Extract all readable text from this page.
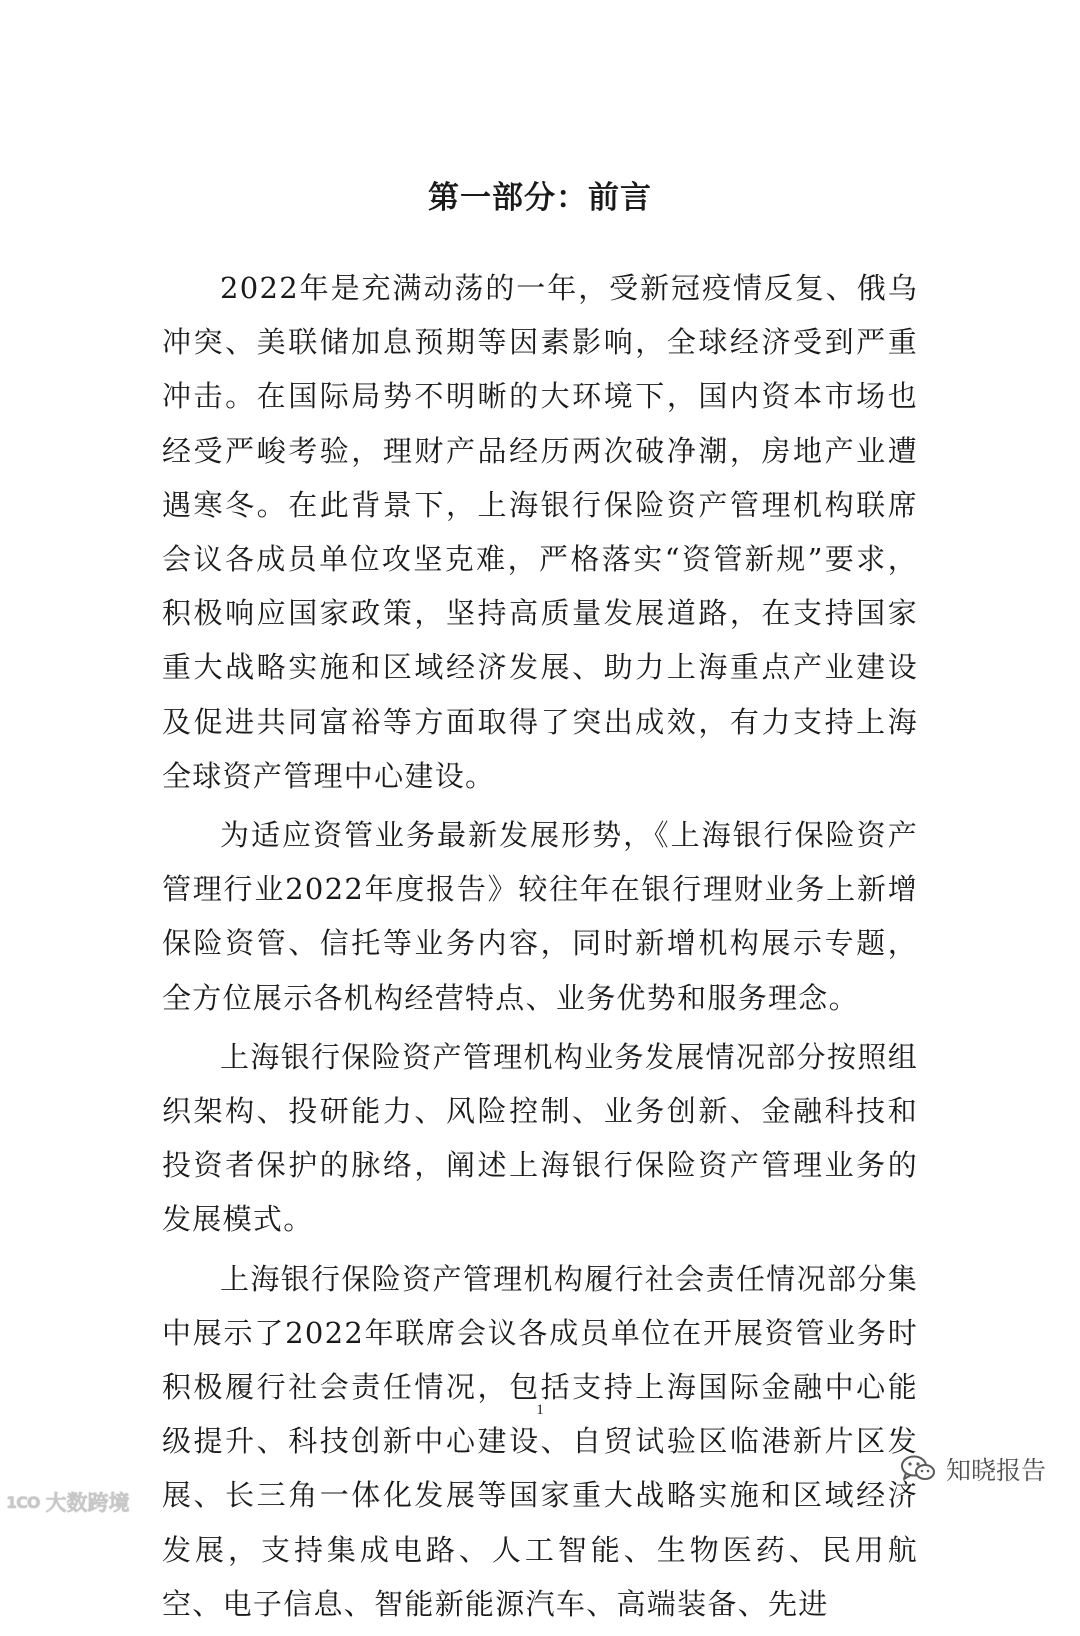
第一部分：前言

2022年是充满动荡的一年，受新冠疫情反复、俄乌冲突、美联储加息预期等因素影响，全球经济受到严重冲击。在国际局势不明晰的大环境下，国内资本市场也经受严峻考验，理财产品经历两次破净潮，房地产业遭遇寒冬。在此背景下，上海银行保险资产管理机构联席会议各成员单位攻坚克难，严格落实“资管新规”要求，积极响应国家政策，坚持高质量发展道路，在支持国家重大战略实施和区域经济发展、助力上海重点产业建设及促进共同富裕等方面取得了突出成效，有力支持上海全球资产管理中心建设。

为适应资管业务最新发展形势，《上海银行保险资产管理行业2022年度报告》较往年在银行理财业务上新增保险资管、信托等业务内容，同时新增机构展示专题，全方位展示各机构经营特点、业务优势和服务理念。

上海银行保险资产管理机构业务发展情况部分按照组织架构、投研能力、风险控制、业务创新、金融科技和投资者保护的脉络，阐述上海银行保险资产管理业务的发展模式。

上海银行保险资产管理机构履行社会责任情况部分集中展示了2022年联席会议各成员单位在开展资管业务时积极履行社会责任情况，包括支持上海国际金融中心能级提升、科技创新中心建设、自贸试验区临港新片区发展、长三角一体化发展等国家重大战略实施和区域经济发展，支持集成电路、人工智能、生物医药、民用航空、电子信息、智能新能源汽车、高端装备、先进

1
1CO 大数跨境
知晓报告
